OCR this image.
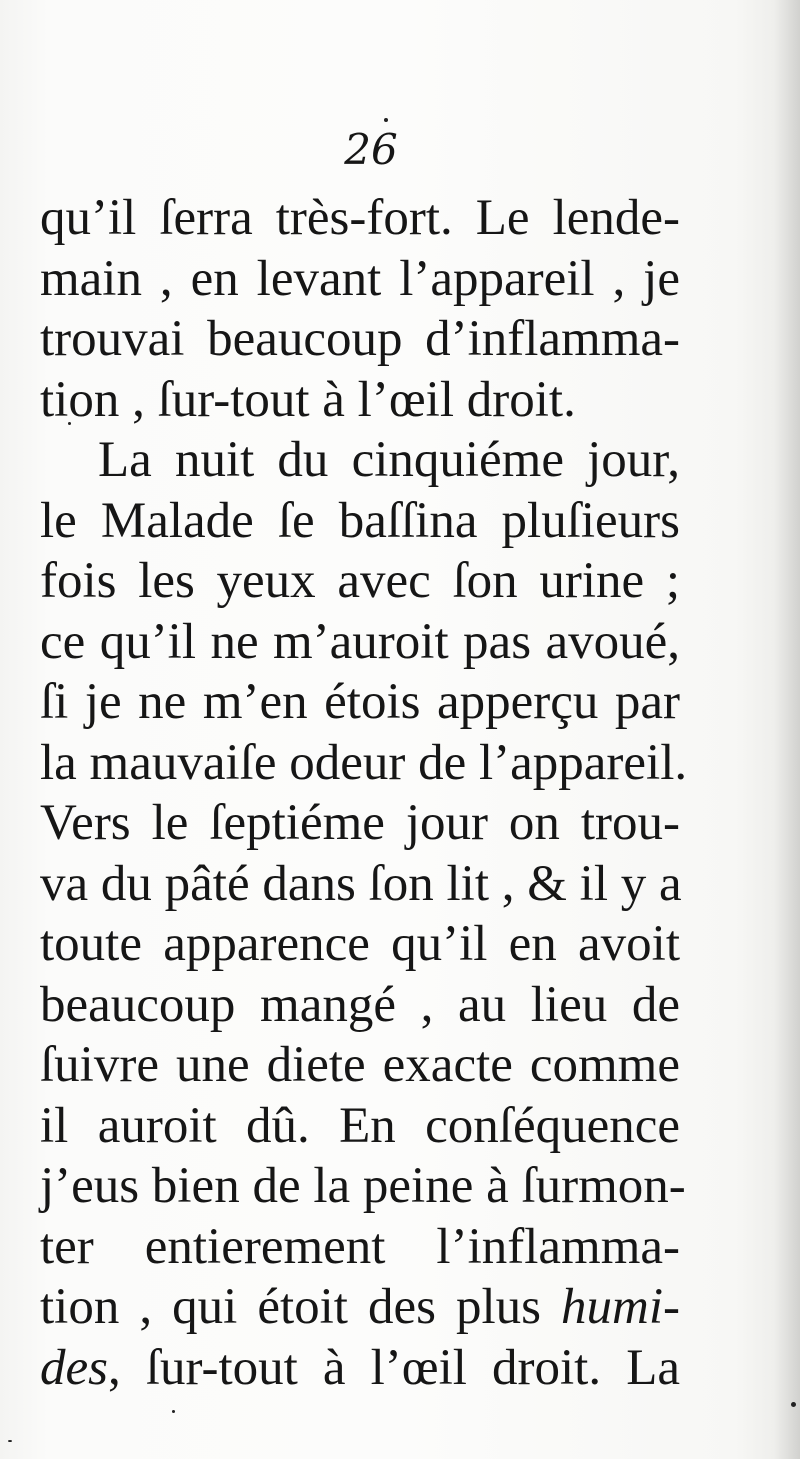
26
qu’il ſerra très-fort. Le lende-
main , en levant l’appareil , je
trouvai beaucoup d’inflamma-
tion , ſur-tout à l’œil droit.
La nuit du cinquiéme jour,
le Malade ſe baſſina pluſieurs
fois les yeux avec ſon urine ;
ce qu’il ne m’auroit pas avoué,
ſi je ne m’en étois apperçu par
la mauvaiſe odeur de l’appareil.
Vers le ſeptiéme jour on trou-
va du pâté dans ſon lit , & il y a
toute apparence qu’il en avoit
beaucoup mangé , au lieu de
ſuivre une diete exacte comme
il auroit dû. En conſéquence
j’eus bien de la peine à ſurmon-
ter entierement l’inflamma-
tion , qui étoit des plus humi-
des, ſur-tout à l’œil droit. La
